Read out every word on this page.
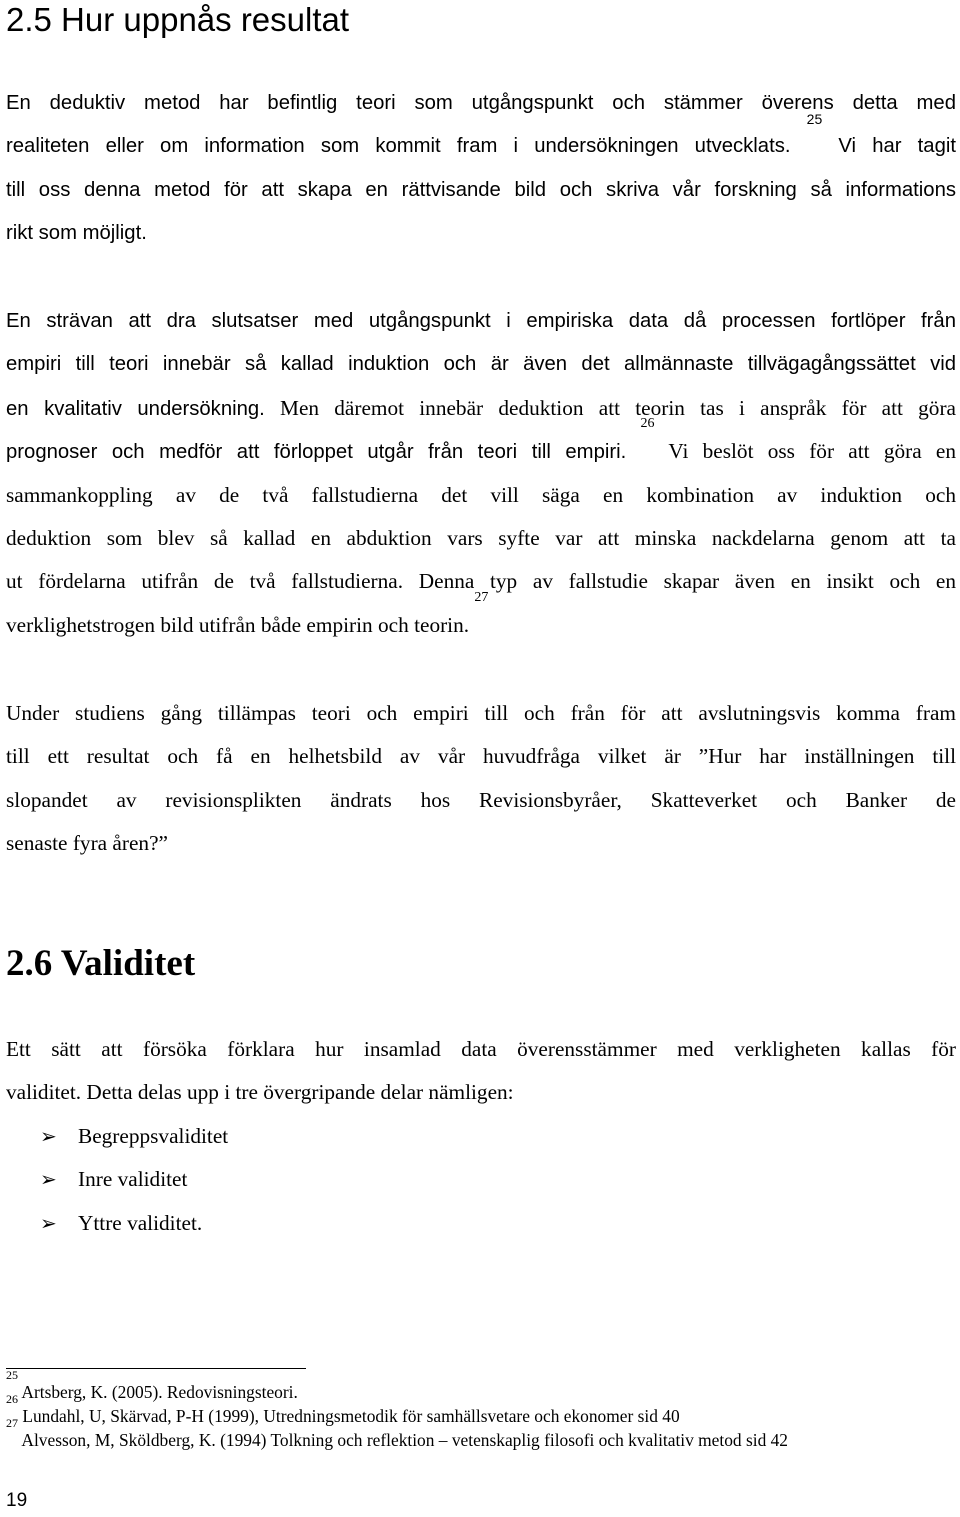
2.5 Hur uppnås resultat
En deduktiv metod har befintlig teori som utgångspunkt och stämmer överens detta med
realiteten eller om information som kommit fram i undersökningen utvecklats. $^{25}$ Vi har tagit
till oss denna metod för att skapa en rättvisande bild och skriva vår forskning så informations
rikt som möjligt.
En strävan att dra slutsatser med utgångspunkt i empiriska data då processen fortlöper från
empiri till teori innebär så kallad induktion och är även det allmännaste tillvägagångssättet vid
en kvalitativ undersökning. Men däremot innebär deduktion att teorin tas i anspråk för att göra
prognoser och medför att förloppet utgår från teori till empiri. $^{26}$ Vi beslöt oss för att göra en
sammankoppling av de två fallstudierna det vill säga en kombination av induktion och
deduktion som blev så kallad en abduktion vars syfte var att minska nackdelarna genom att ta
ut fördelarna utifrån de två fallstudierna. Denna typ av fallstudie skapar även en insikt och en
verklighetstrogen bild utifrån både empirin och teorin. $^{27}$
Under studiens gång tillämpas teori och empiri till och från för att avslutningsvis komma fram
till ett resultat och få en helhetsbild av vår huvudfråga vilket är ”Hur har inställningen till
slopandet av revisionsplikten ändrats hos Revisionsbyråer, Skatteverket och Banker de
senaste fyra åren?”
2.6 Validitet
Ett sätt att försöka förklara hur insamlad data överensstämmer med verkligheten kallas för
validitet. Detta delas upp i tre övergripande delar nämligen:
➢ Begreppsvaliditet
➢ Inre validitet
➢ Yttre validitet.
$^{25}$ Artsberg, K. (2005). Redovisningsteori.
$^{26}$ Lundahl, U, Skärvad, P-H (1999), Utredningsmetodik för samhällsvetare och ekonomer sid 40
$^{27}$ Alvesson, M, Sköldberg, K. (1994) Tolkning och reflektion – vetenskaplig filosofi och kvalitativ metod sid 42
19
